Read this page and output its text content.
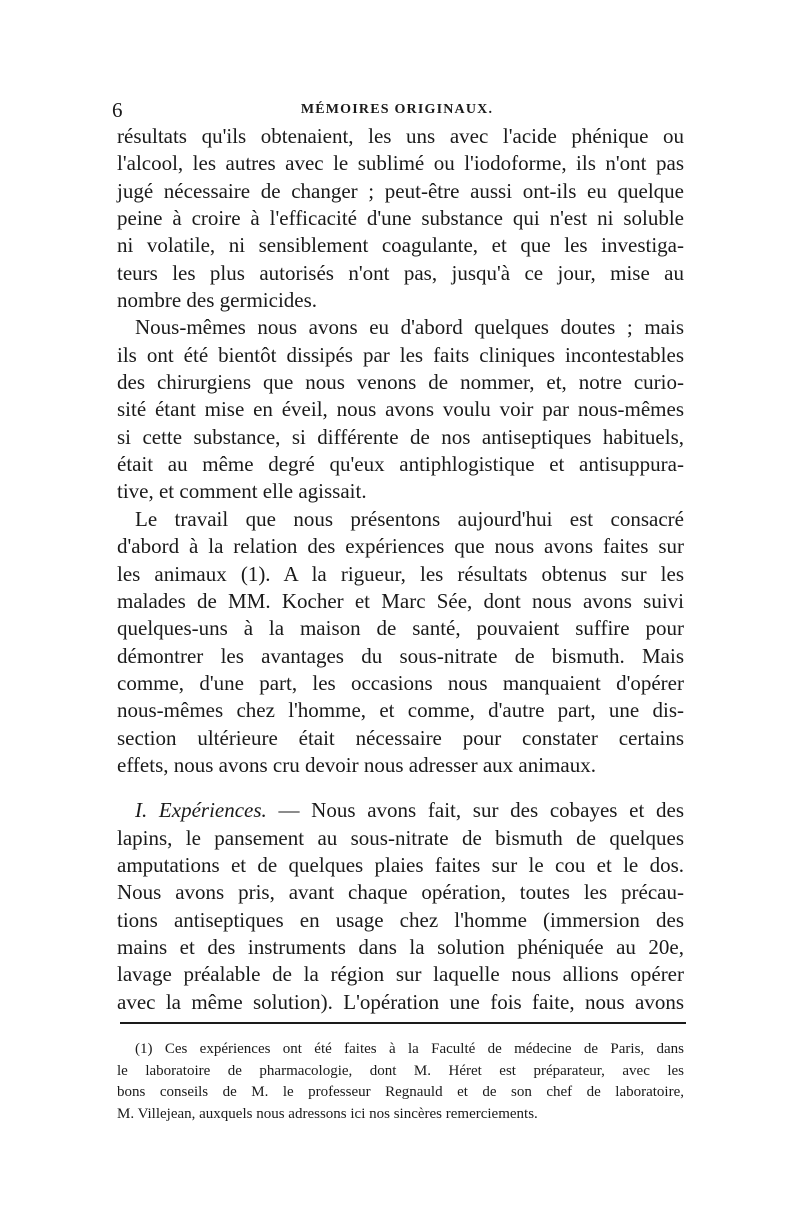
6	MÉMOIRES ORIGINAUX.
résultats qu'ils obtenaient, les uns avec l'acide phénique ou
l'alcool, les autres avec le sublimé ou l'iodoforme, ils n'ont pas
jugé nécessaire de changer ; peut-être aussi ont-ils eu quelque
peine à croire à l'efficacité d'une substance qui n'est ni soluble
ni volatile, ni sensiblement coagulante, et que les investiga-
teurs les plus autorisés n'ont pas, jusqu'à ce jour, mise au
nombre des germicides.
Nous-mêmes nous avons eu d'abord quelques doutes ; mais
ils ont été bientôt dissipés par les faits cliniques incontestables
des chirurgiens que nous venons de nommer, et, notre curio-
sité étant mise en éveil, nous avons voulu voir par nous-mêmes
si cette substance, si différente de nos antiseptiques habituels,
était au même degré qu'eux antiphlogistique et antisuppura-
tive, et comment elle agissait.
Le travail que nous présentons aujourd'hui est consacré
d'abord à la relation des expériences que nous avons faites sur
les animaux (1). A la rigueur, les résultats obtenus sur les
malades de MM. Kocher et Marc Sée, dont nous avons suivi
quelques-uns à la maison de santé, pouvaient suffire pour
démontrer les avantages du sous-nitrate de bismuth. Mais
comme, d'une part, les occasions nous manquaient d'opérer
nous-mêmes chez l'homme, et comme, d'autre part, une dis-
section ultérieure était nécessaire pour constater certains
effets, nous avons cru devoir nous adresser aux animaux.
I. Expériences. — Nous avons fait, sur des cobayes et des
lapins, le pansement au sous-nitrate de bismuth de quelques
amputations et de quelques plaies faites sur le cou et le dos.
Nous avons pris, avant chaque opération, toutes les précau-
tions antiseptiques en usage chez l'homme (immersion des
mains et des instruments dans la solution phéniquée au 20e,
lavage préalable de la région sur laquelle nous allions opérer
avec la même solution). L'opération une fois faite, nous avons
(1) Ces expériences ont été faites à la Faculté de médecine de Paris, dans
le laboratoire de pharmacologie, dont M. Héret est préparateur, avec les
bons conseils de M. le professeur Regnauld et de son chef de laboratoire,
M. Villejean, auxquels nous adressons ici nos sincères remerciements.
